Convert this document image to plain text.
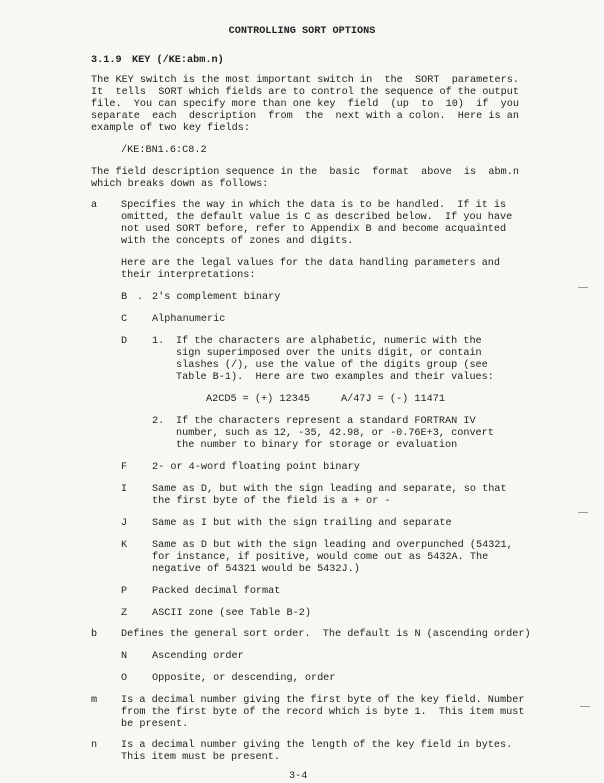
CONTROLLING SORT OPTIONS
3.1.9 KEY (/KE:abm.n)
The KEY switch is the most important switch in  the  SORT  parameters.
It  tells  SORT which fields are to control the sequence of the output
file.  You can specify more than one key  field  (up  to  10)  if  you
separate  each  description  from  the  next with a colon.  Here is an
example of two key fields:
/KE:BN1.6:C8.2
The field description sequence in the  basic  format  above  is  abm.n
which breaks down as follows:
a Specifies the way in which the data is to be handled.  If it is
omitted, the default value is C as described below.  If you have
not used SORT before, refer to Appendix B and become acquainted
with the concepts of zones and digits.
Here are the legal values for the data handling parameters and
their interpretations:
B . 2's complement binary
C Alphanumeric
D 1. If the characters are alphabetic, numeric with the
sign superimposed over the units digit, or contain
slashes (/), use the value of the digits group (see
Table B-1).  Here are two examples and their values:
A2CD5 = (+) 12345	A/47J = (-) 11471
2. If the characters represent a standard FORTRAN IV
number, such as 12, -35, 42.98, or -0.76E+3, convert
the number to binary for storage or evaluation
F 2- or 4-word floating point binary
I Same as D, but with the sign leading and separate, so that
the first byte of the field is a + or -
J Same as I but with the sign trailing and separate
K Same as D but with the sign leading and overpunched (54321,
for instance, if positive, would come out as 5432A. The
negative of 54321 would be 5432J.)
P Packed decimal format
Z ASCII zone (see Table B-2)
b Defines the general sort order.  The default is N (ascending order)
N Ascending order
O Opposite, or descending, order
m Is a decimal number giving the first byte of the key field. Number
from the first byte of the record which is byte 1.  This item must
be present.
n Is a decimal number giving the length of the key field in bytes.
This item must be present.
3-4
